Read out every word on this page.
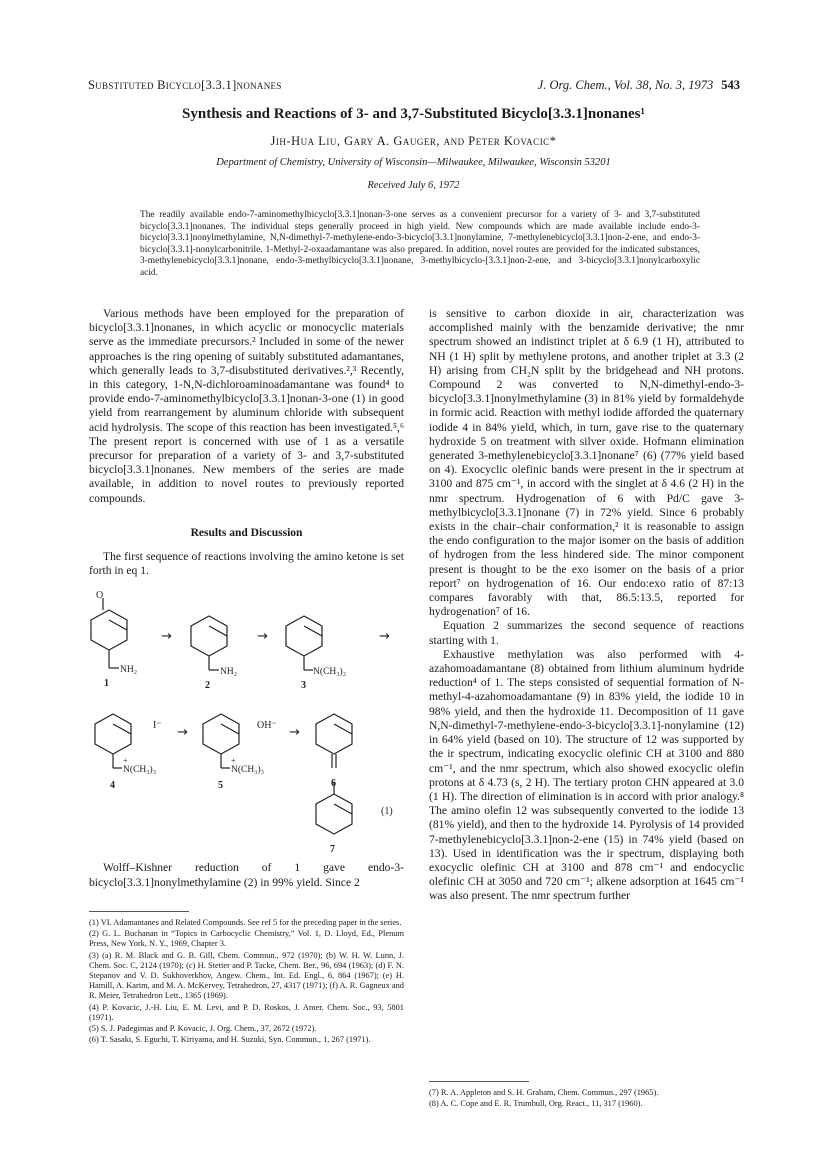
Substituted Bicyclo[3.3.1]nonanes	J. Org. Chem., Vol. 38, No. 3, 1973 543
Synthesis and Reactions of 3- and 3,7-Substituted Bicyclo[3.3.1]nonanes¹
Jih-Hua Liu, Gary A. Gauger, and Peter Kovacic*
Department of Chemistry, University of Wisconsin—Milwaukee, Milwaukee, Wisconsin 53201
Received July 6, 1972
The readily available endo-7-aminomethylbicyclo[3.3.1]nonan-3-one serves as a convenient precursor for a variety of 3- and 3,7-substituted bicyclo[3.3.1]nonanes. The individual steps generally proceed in high yield. New compounds which are made available include endo-3-bicyclo[3.3.1]nonylmethylamine, N,N-dimethyl-7-methylene-endo-3-bicyclo[3.3.1]nonylamine, 7-methylenebicyclo[3.3.1]non-2-ene, and endo-3-bicyclo[3.3.1]-nonylcarbonitrile. 1-Methyl-2-oxaadamantane was also prepared. In addition, novel routes are provided for the indicated substances, 3-methylenebicyclo[3.3.1]nonane, endo-3-methylbicyclo[3.3.1]nonane, 3-methylbicyclo-[3.3.1]non-2-ene, and 3-bicyclo[3.3.1]nonylcarboxylic acid.

Various methods have been employed for the preparation of bicyclo[3.3.1]nonanes, in which acyclic or monocyclic materials serve as the immediate precursors.² Included in some of the newer approaches is the ring opening of suitably substituted adamantanes, which generally leads to 3,7-disubstituted derivatives.²,³ Recently, in this category, 1-N,N-dichloroaminoadamantane was found⁴ to provide endo-7-aminomethylbicyclo[3.3.1]nonan-3-one (1) in good yield from rearrangement by aluminum chloride with subsequent acid hydrolysis. The scope of this reaction has been investigated.⁵,⁶ The present report is concerned with use of 1 as a versatile precursor for preparation of a variety of 3- and 3,7-substituted bicyclo[3.3.1]nonanes. New members of the series are made available, in addition to novel routes to previously reported compounds.

Results and Discussion

The first sequence of reactions involving the amino ketone is set forth in eq 1.

O
NH₂
1
→
NH₂
2
→
N(CH₃)₂
3
→
+
N(CH₃)₃
4
I⁻ →
+
N(CH₃)₃
5
OH⁻ →
6
7
(1)

Wolff–Kishner reduction of 1 gave endo-3-bicyclo[3.3.1]nonylmethylamine (2) in 99% yield. Since 2

(1) VI. Adamantanes and Related Compounds. See ref 5 for the preceding paper in the series.

(2) G. L. Buchanan in “Topics in Carbocyclic Chemistry,” Vol. 1, D. Lloyd, Ed., Plenum Press, New York, N. Y., 1969, Chapter 3.

(3) (a) R. M. Black and G. B. Gill, Chem. Commun., 972 (1970); (b) W. H. W. Lunn, J. Chem. Soc. C, 2124 (1970); (c) H. Stetter and P. Tacke, Chem. Ber., 96, 694 (1963); (d) F. N. Stepanov and V. D. Sukhoverkhov, Angew. Chem., Int. Ed. Engl., 6, 864 (1967); (e) H. Hamill, A. Karim, and M. A. McKervey, Tetrahedron, 27, 4317 (1971); (f) A. R. Gagneux and R. Meier, Tetrahedron Lett., 1365 (1969).

(4) P. Kovacic, J.-H. Liu, E. M. Levi, and P. D. Roskos, J. Amer. Chem. Soc., 93, 5801 (1971).

(5) S. J. Padegimas and P. Kovacic, J. Org. Chem., 37, 2672 (1972).

(6) T. Sasaki, S. Eguchi, T. Kiriyama, and H. Suzuki, Syn. Commun., 1, 267 (1971).

is sensitive to carbon dioxide in air, characterization was accomplished mainly with the benzamide derivative; the nmr spectrum showed an indistinct triplet at δ 6.9 (1 H), attributed to NH (1 H) split by methylene protons, and another triplet at 3.3 (2 H) arising from CH₂N split by the bridgehead and NH protons. Compound 2 was converted to N,N-dimethyl-endo-3-bicyclo[3.3.1]nonylmethylamine (3) in 81% yield by formaldehyde in formic acid. Reaction with methyl iodide afforded the quaternary iodide 4 in 84% yield, which, in turn, gave rise to the quaternary hydroxide 5 on treatment with silver oxide. Hofmann elimination generated 3-methylenebicyclo[3.3.1]nonane⁷ (6) (77% yield based on 4). Exocyclic olefinic bands were present in the ir spectrum at 3100 and 875 cm⁻¹, in accord with the singlet at δ 4.6 (2 H) in the nmr spectrum. Hydrogenation of 6 with Pd/C gave 3-methylbicyclo[3.3.1]nonane (7) in 72% yield. Since 6 probably exists in the chair–chair conformation,² it is reasonable to assign the endo configuration to the major isomer on the basis of addition of hydrogen from the less hindered side. The minor component present is thought to be the exo isomer on the basis of a prior report⁷ on hydrogenation of 16. Our endo:exo ratio of 87:13 compares favorably with that, 86.5:13.5, reported for hydrogenation⁷ of 16.

Equation 2 summarizes the second sequence of reactions starting with 1.

Exhaustive methylation was also performed with 4-azahomoadamantane (8) obtained from lithium aluminum hydride reduction⁴ of 1. The steps consisted of sequential formation of N-methyl-4-azahomoadamantane (9) in 83% yield, the iodide 10 in 98% yield, and then the hydroxide 11. Decomposition of 11 gave N,N-dimethyl-7-methylene-endo-3-bicyclo[3.3.1]-nonylamine (12) in 64% yield (based on 10). The structure of 12 was supported by the ir spectrum, indicating exocyclic olefinic CH at 3100 and 880 cm⁻¹, and the nmr spectrum, which also showed exocyclic olefin protons at δ 4.73 (s, 2 H). The tertiary proton CHN appeared at 3.0 (1 H). The direction of elimination is in accord with prior analogy.⁸ The amino olefin 12 was subsequently converted to the iodide 13 (81% yield), and then to the hydroxide 14. Pyrolysis of 14 provided 7-methylenebicyclo[3.3.1]non-2-ene (15) in 74% yield (based on 13). Used in identification was the ir spectrum, displaying both exocyclic olefinic CH at 3100 and 878 cm⁻¹ and endocyclic olefinic CH at 3050 and 720 cm⁻¹; alkene adsorption at 1645 cm⁻¹ was also present. The nmr spectrum further

(7) R. A. Appleton and S. H. Graham, Chem. Commun., 297 (1965).

(8) A. C. Cope and E. R. Trumbull, Org. React., 11, 317 (1960).
